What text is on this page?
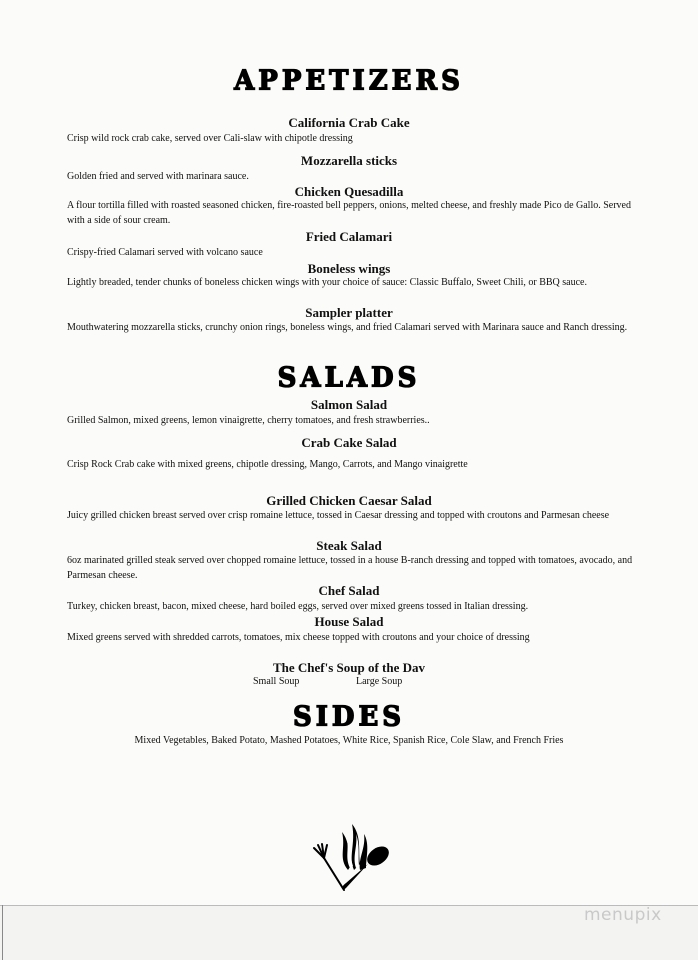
APPETIZERS
California Crab Cake
Crisp wild rock crab cake, served over Cali-slaw with chipotle dressing
Mozzarella sticks
Golden fried and served with marinara sauce.
Chicken Quesadilla
A flour tortilla filled with roasted seasoned chicken, fire-roasted bell peppers, onions, melted cheese, and freshly made Pico de Gallo. Served with a side of sour cream.
Fried Calamari
Crispy-fried Calamari served with volcano sauce
Boneless wings
Lightly breaded, tender chunks of boneless chicken wings with your choice of sauce: Classic Buffalo, Sweet Chili, or BBQ sauce.
Sampler platter
Mouthwatering mozzarella sticks, crunchy onion rings, boneless wings, and fried Calamari served with Marinara sauce and Ranch dressing.
SALADS
Salmon Salad
Grilled Salmon, mixed greens, lemon vinaigrette, cherry tomatoes, and fresh strawberries..
Crab Cake Salad
Crisp Rock Crab cake with mixed greens, chipotle dressing, Mango, Carrots, and Mango vinaigrette
Grilled Chicken Caesar Salad
Juicy grilled chicken breast served over crisp romaine lettuce, tossed in Caesar dressing and topped with croutons and Parmesan cheese
Steak Salad
6oz marinated grilled steak served over chopped romaine lettuce, tossed in a house B-ranch dressing and topped with tomatoes, avocado, and Parmesan cheese.
Chef Salad
Turkey, chicken breast, bacon, mixed cheese, hard boiled eggs, served over mixed greens tossed in Italian dressing.
House Salad
Mixed greens served with shredded carrots, tomatoes, mix cheese topped with croutons and your choice of dressing
The Chef's Soup of the Dav
Small Soup	Large Soup
SIDES
Mixed Vegetables, Baked Potato, Mashed Potatoes, White Rice, Spanish Rice, Cole Slaw, and French Fries
menupix
